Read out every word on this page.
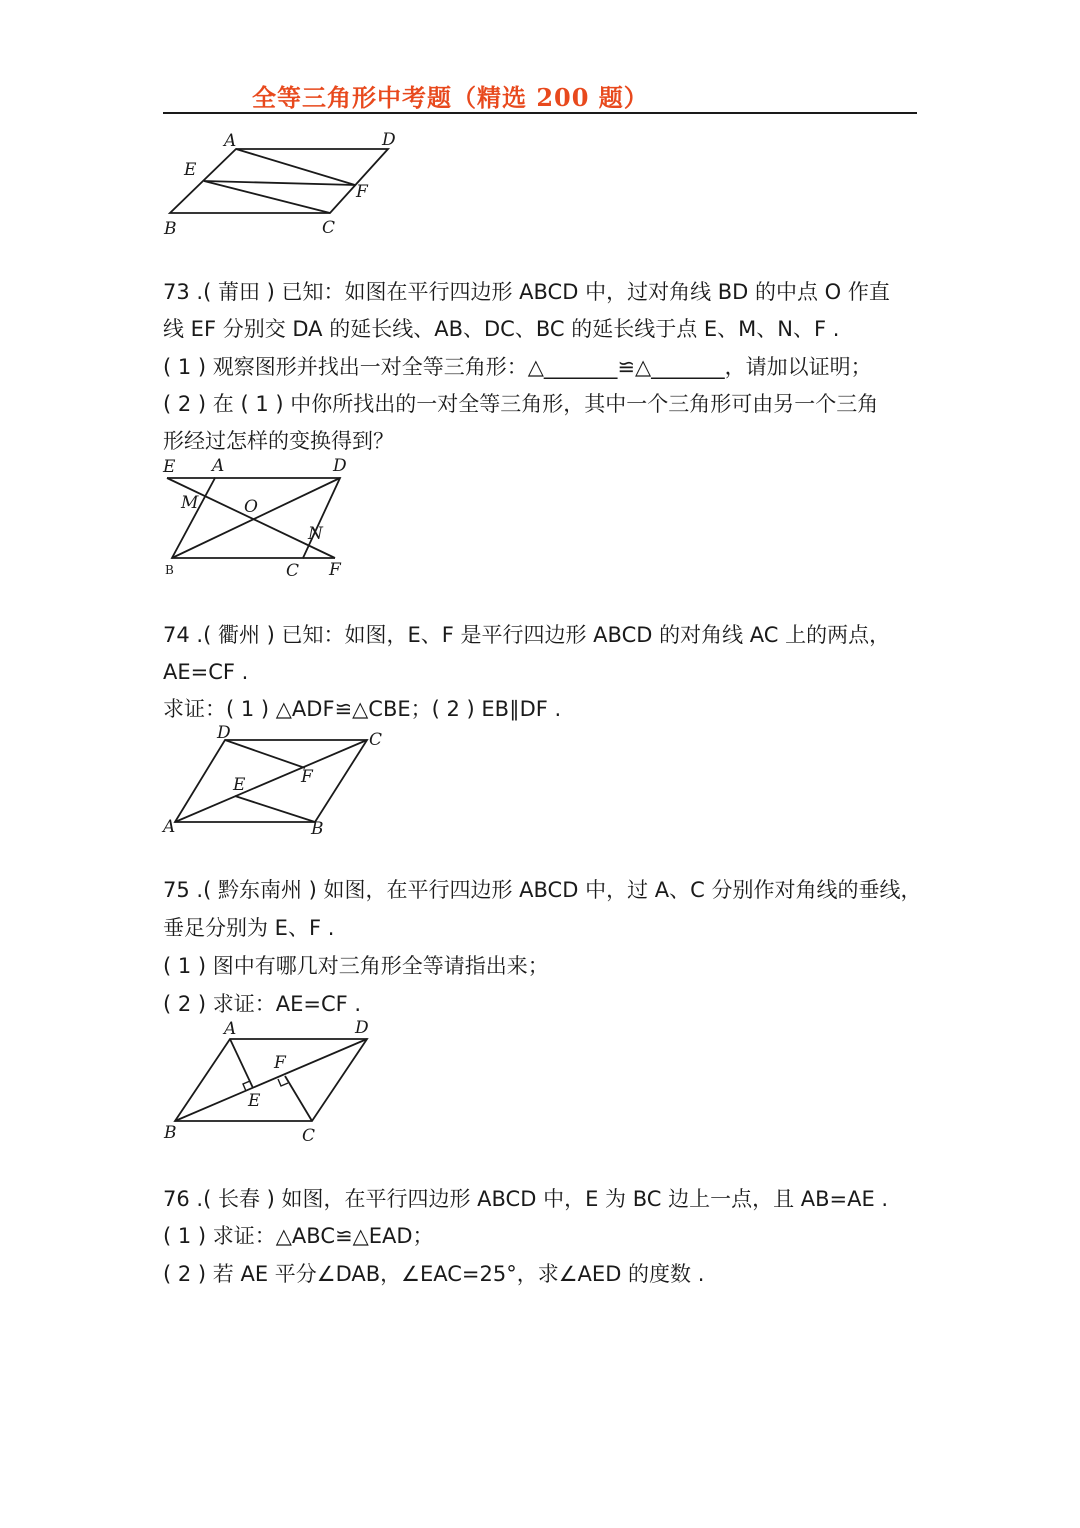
全等三角形中考题（精选 200 题）
A	D
E
F
B	C
73 .( 莆田 ) 已知：如图在平行四边形 ABCD 中，过对角线 BD 的中点 O 作直
线 EF 分别交 DA 的延长线、AB、DC、BC 的延长线于点 E、M、N、F .
( 1 ) 观察图形并找出一对全等三角形：△_______≌△_______，请加以证明；
( 2 ) 在 ( 1 ) 中你所找出的一对全等三角形，其中一个三角形可由另一个三角
形经过怎样的变换得到？
E A	D
M	O
N
B	C F
74 .( 衢州 ) 已知：如图，E、F 是平行四边形 ABCD 的对角线 AC 上的两点，
AE=CF .
求证：( 1 ) △ADF≌△CBE；( 2 ) EB∥DF .
D	C
F
E
A	B
75 .( 黔东南州 ) 如图，在平行四边形 ABCD 中，过 A、C 分别作对角线的垂线，
垂足分别为 E、F .
( 1 ) 图中有哪几对三角形全等请指出来；
( 2 ) 求证：AE=CF .
A	D
F
E
B	C
76 .( 长春 ) 如图，在平行四边形 ABCD 中，E 为 BC 边上一点，且 AB=AE .
( 1 ) 求证：△ABC≌△EAD；
( 2 ) 若 AE 平分∠DAB，∠EAC=25°，求∠AED 的度数 .
